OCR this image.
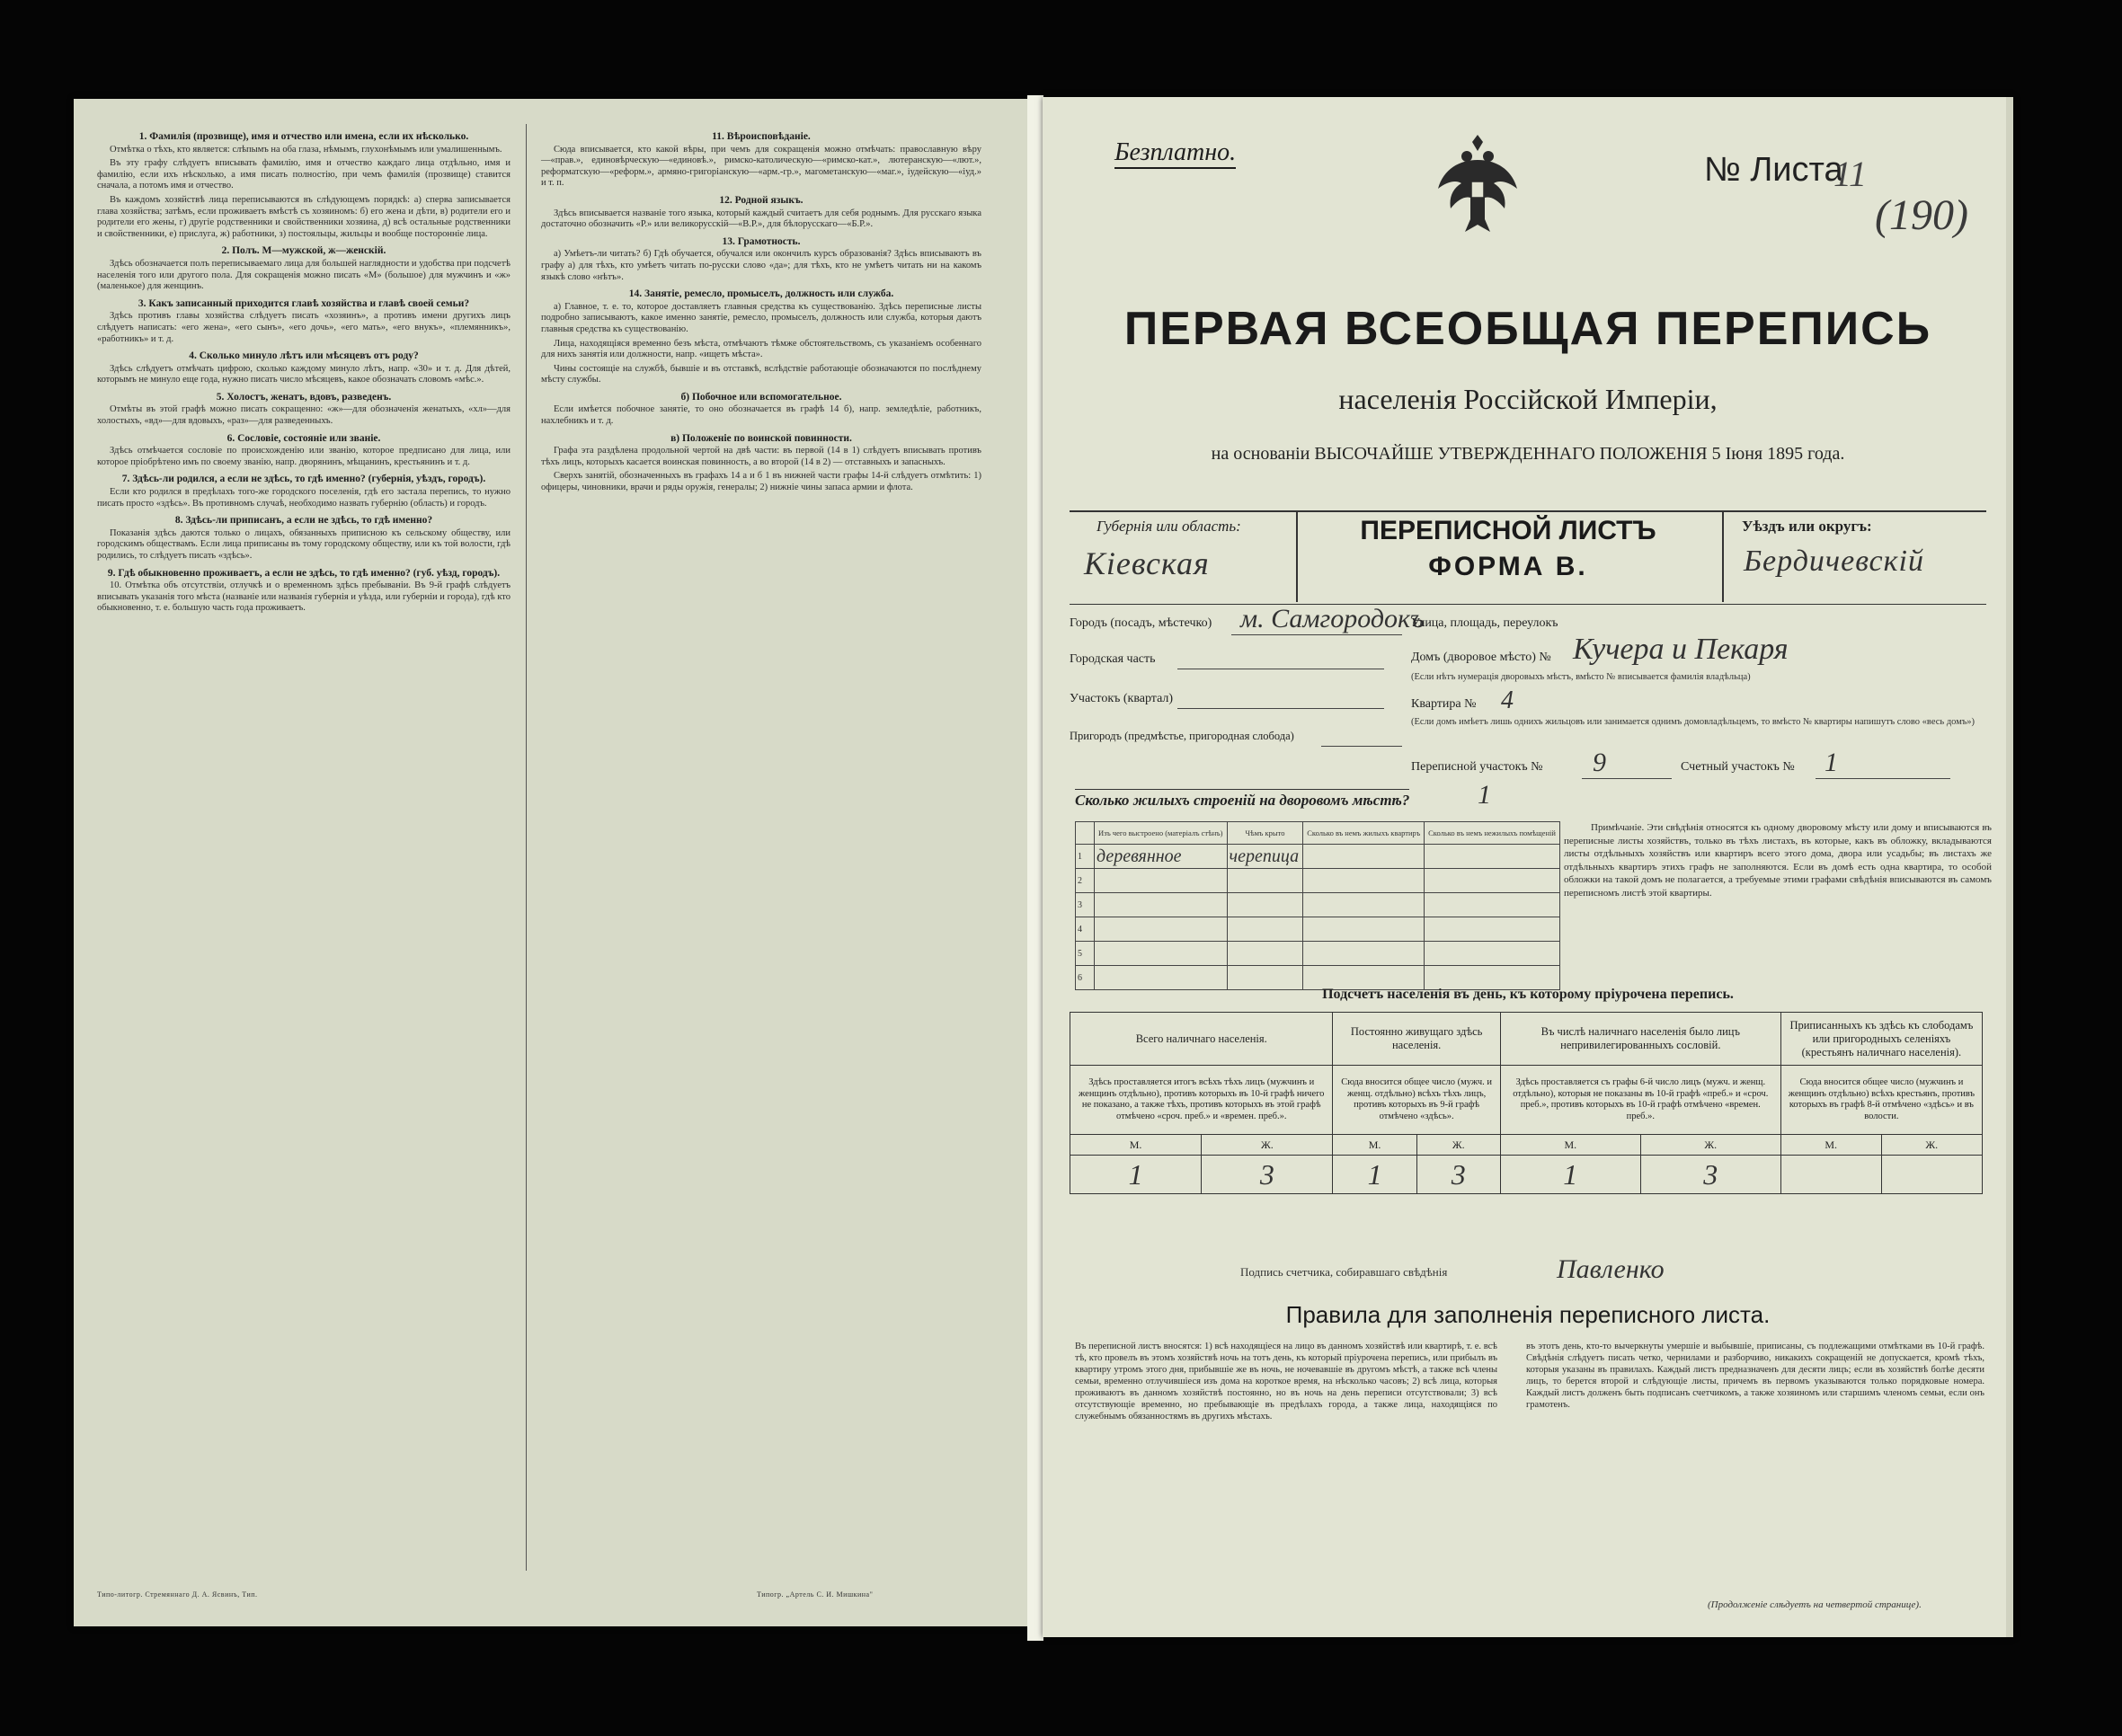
1. Фамилія (прозвище), имя и отчество или имена, если их нѣсколько.

Отмѣтка о тѣхъ, кто является: слѣпымъ на оба глаза, нѣмымъ, глухонѣмымъ или умалишеннымъ.

Въ эту графу слѣдуетъ вписывать фамилію, имя и отчество каждаго лица отдѣльно, имя и фамилію, если ихъ нѣсколько, а имя писать полностію, при чемъ фамилія (прозвище) ставится сначала, а потомъ имя и отчество.

Въ каждомъ хозяйствѣ лица переписываются въ слѣдующемъ порядкѣ: а) сперва записывается глава хозяйства; затѣмъ, если проживаетъ вмѣстѣ съ хозяиномъ: б) его жена и дѣти, в) родители его и родители его жены, г) другіе родственники и свойственники хозяина, д) всѣ остальные родственники и свойственники, е) прислуга, ж) работники, з) постояльцы, жильцы и вообще посторонніе лица.

2. Полъ. М—мужской, ж—женскій.

Здѣсь обозначается полъ переписываемаго лица для большей наглядности и удобства при подсчетѣ населенія того или другого пола. Для сокращенія можно писать «М» (большое) для мужчинъ и «ж» (маленькое) для женщинъ.

3. Какъ записанный приходится главѣ хозяйства и главѣ своей семьи?

Здѣсь противъ главы хозяйства слѣдуетъ писать «хозяинъ», а противъ имени другихъ лицъ слѣдуетъ написать: «его жена», «его сынъ», «его дочь», «его мать», «его внукъ», «племянникъ», «работникъ» и т. д.

4. Сколько минуло лѣтъ или мѣсяцевъ отъ роду?

Здѣсь слѣдуетъ отмѣчать цифрою, сколько каждому минуло лѣтъ, напр. «30» и т. д. Для дѣтей, которымъ не минуло еще года, нужно писать число мѣсяцевъ, какое обозначать словомъ «мѣс.».

5. Холостъ, женатъ, вдовъ, разведенъ.

Отмѣты въ этой графѣ можно писать сокращенно: «ж»—для обозначенія женатыхъ, «хл»—для холостыхъ, «вд»—для вдовыхъ, «раз»—для разведенныхъ.

6. Сословіе, состояніе или званіе.

Здѣсь отмѣчается сословіе по происхожденію или званію, которое предписано для лица, или которое пріобрѣтено имъ по своему званію, напр. дворянинъ, мѣщанинъ, крестьянинъ и т. д.

7. Здѣсь-ли родился, а если не здѣсь, то гдѣ именно? (губернія, уѣздъ, городъ).

Если кто родился в предѣлахъ того-же городского поселенія, гдѣ его застала перепись, то нужно писать просто «здѣсь». Въ противномъ случаѣ, необходимо назвать губернію (область) и городъ.

8. Здѣсь-ли приписанъ, а если не здѣсь, то гдѣ именно?

Показанія здѣсь даются только о лицахъ, обязанныхъ приписною къ сельскому обществу, или городскимъ обществамъ. Если лица приписаны въ тому городскому обществу, или къ той волости, гдѣ родились, то слѣдуетъ писать «здѣсь».

9. Гдѣ обыкновенно проживаетъ, а если не здѣсь, то гдѣ именно? (губ. уѣзд, городъ).

10. Отмѣтка объ отсутствіи, отлучкѣ и о временномъ здѣсь пребываніи. Въ 9-й графѣ слѣдуетъ вписывать указанія того мѣста (названіе или названія губернія и уѣзда, или губерніи и города), гдѣ кто обыкновенно, т. е. большую часть года проживаетъ.

11. Вѣроисповѣданіе.

Сюда вписывается, кто какой вѣры, при чемъ для сокращенія можно отмѣчать: православную вѣру—«прав.», единовѣрческую—«единовѣ.», римско-католическую—«римско-кат.», лютеранскую—«лют.», реформатскую—«реформ.», армяно-григоріанскую—«арм.-гр.», магометанскую—«маг.», іудейскую—«іуд.» и т. п.

12. Родной языкъ.

Здѣсь вписывается названіе того языка, который каждый считаетъ для себя роднымъ. Для русскаго языка достаточно обозначить «Р.» или великорусскій—«В.Р.», для бѣлорусскаго—«Б.Р.».

13. Грамотность.

а) Умѣетъ-ли читать? б) Гдѣ обучается, обучался или окончилъ курсъ образованія? Здѣсь вписываютъ въ графу а) для тѣхъ, кто умѣетъ читать по-русски слово «да»; для тѣхъ, кто не умѣетъ читать ни на какомъ языкѣ слово «нѣтъ».

14. Занятіе, ремесло, промыселъ, должность или служба.

а) Главное, т. е. то, которое доставляетъ главныя средства къ существованію. Здѣсь переписные листы подробно записываютъ, какое именно занятіе, ремесло, промыселъ, должность или служба, которыя даютъ главныя средства къ существованію.

Лица, находящіяся временно безъ мѣста, отмѣчаютъ тѣмже обстоятельствомъ, съ указаніемъ особеннаго для нихъ занятія или должности, напр. «ищетъ мѣста».

Чины состоящіе на службѣ, бывшіе и въ отставкѣ, вслѣдствіе работающіе обозначаются по послѣднему мѣсту службы.

б) Побочное или вспомогательное.

Если имѣется побочное занятіе, то оно обозначается въ графѣ 14 б), напр. земледѣліе, работникъ, нахлебникъ и т. д.

в) Положеніе по воинской повинности.

Графа эта раздѣлена продольной чертой на двѣ части: въ первой (14 в 1) слѣдуетъ вписывать противъ тѣхъ лицъ, которыхъ касается воинская повинность, а во второй (14 в 2) — отставныхъ и запасныхъ.

Сверхъ занятій, обозначенныхъ въ графахъ 14 а и б 1 въ нижней части графы 14-й слѣдуетъ отмѣтить: 1) офицеры, чиновники, врачи и ряды оружія, генералы; 2) нижніе чины запаса армии и флота.

Типо-литогр. Стремяннаго Д. А. Ясвинъ, Тип.	Типогр. „Артель С. И. Мишкина"
Безплатно.	№ Листа
11
(190)
ПЕРВАЯ ВСЕОБЩАЯ ПЕРЕПИСЬ
населенія Россійской Имперіи,
на основаніи ВЫСОЧАЙШЕ УТВЕРЖДЕННАГО ПОЛОЖЕНІЯ 5 Іюня 1895 года.
Губернія или область:
Кіевская
ПЕРЕПИСНОЙ ЛИСТЪ
ФОРМА В.
Уѣздъ или округъ:
Бердичевскій
Городъ (посадъ, мѣстечко) м. Самгородокъ
Улица, площадь, переулокъ
Городская часть	Домъ (дворовое мѣсто) № Кучера и Пекаря
(Если нѣтъ нумерація дворовыхъ мѣстъ, вмѣсто № вписывается фамилія владѣльца)
Участокъ (квартал)	Квартира № 4
(Если домъ имѣетъ лишь однихъ жильцовъ или занимается однимъ домовладѣльцемъ, то вмѣсто № квартиры напишутъ слово «весь домъ»)
Пригородъ (предмѣстье, пригородная слобода)
Переписной участокъ № 9	Счетный участокъ № 1
Сколько жилыхъ строеній на дворовомъ мѣстѣ?	1
	Изъ чего выстроено (матеріалъ стѣнъ)	Чѣмъ крыто	Сколько въ немъ жилыхъ квартиръ	Сколько въ немъ нежилыхъ помѣщеній
1	деревянное	черепица		
2				
3				
4				
5				
6				
Примѣчаніе. Эти свѣдѣнія относятся къ одному дворовому мѣсту или дому и вписываются въ переписные листы хозяйствъ, только въ тѣхъ листахъ, въ которые, какъ въ обложку, вкладываются листы отдѣльныхъ хозяйствъ или квартиръ всего этого дома, двора или усадьбы; въ листахъ же отдѣльныхъ квартиръ этихъ графъ не заполняются. Если въ домѣ есть одна квартира, то особой обложки на такой домъ не полагается, а требуемые этими графами свѣдѣнія вписываются въ самомъ переписномъ листѣ этой квартиры.
Подсчетъ населенія въ день, къ которому пріурочена перепись.
Всего наличнаго населенія.		Постоянно живущаго здѣсь населенія.		Въ числѣ наличнаго населенія было лицъ непривилегированныхъ сословій.		Приписанныхъ къ здѣсь къ слободамъ или пригородныхъ селеніяхъ (крестьянъ наличнаго населенія).	
Здѣсь проставляется итогъ всѣхъ тѣхъ лицъ (мужчинъ и женщинъ отдѣльно), противъ которыхъ въ 10-й графѣ ничего не показано, а также тѣхъ, противъ которыхъ въ этой графѣ отмѣчено «сроч. преб.» и «времен. преб.».		Сюда вносится общее число (мужч. и женщ. отдѣльно) всѣхъ тѣхъ лицъ, противъ которыхъ въ 9-й графѣ отмѣчено «здѣсь».		Здѣсь проставляется съ графы 6-й число лицъ (мужч. и женщ. отдѣльно), которыя не показаны въ 10-й графѣ «преб.» и «сроч. преб.», противъ которыхъ въ 10-й графѣ отмѣчено «времен. преб.».		Сюда вносится общее число (мужчинъ и женщинъ отдѣльно) всѣхъ крестьянъ, противъ которыхъ въ графѣ 8-й отмѣчено «здѣсь» и въ волости.	
М.	Ж.	М.	Ж.	М.	Ж.	М.	Ж.
1	3	1	3	1	3		
Подпись счетчика, собиравшаго свѣдѣнія	Павленко
Правила для заполненія переписного листа.
Въ переписной листъ вносятся: 1) всѣ находящіеся на лицо въ данномъ хозяйствѣ или квартирѣ, т. е. всѣ тѣ, кто провелъ въ этомъ хозяйствѣ ночь на тотъ день, къ который пріурочена перепись, или прибылъ въ квартиру утромъ этого дня, прибывшіе же въ ночь, не ночевавшіе въ другомъ мѣстѣ, а также всѣ члены семьи, временно отлучившіеся изъ дома на короткое время, на нѣсколько часовъ; 2) всѣ лица, которыя проживаютъ въ данномъ хозяйствѣ постоянно, но въ ночь на день переписи отсутствовали; 3) всѣ отсутствующіе временно, но пребывающіе въ предѣлахъ города, а также лица, находящіяся по служебнымъ обязанностямъ въ другихъ мѣстахъ.
въ этотъ день, кто-то вычеркнуты умершіе и выбывшіе, приписаны, съ подлежащими отмѣтками въ 10-й графѣ. Свѣдѣнія слѣдуетъ писать четко, чернилами и разборчиво, никакихъ сокращеній не допускается, кромѣ тѣхъ, которыя указаны въ правилахъ. Каждый листъ предназначенъ для десяти лицъ; если въ хозяйствѣ болѣе десяти лицъ, то берется второй и слѣдующіе листы, причемъ въ первомъ указываются только порядковые номера. Каждый листъ долженъ быть подписанъ счетчикомъ, а также хозяиномъ или старшимъ членомъ семьи, если онъ грамотенъ.
(Продолженіе слѣдуетъ на четвертой странице).
